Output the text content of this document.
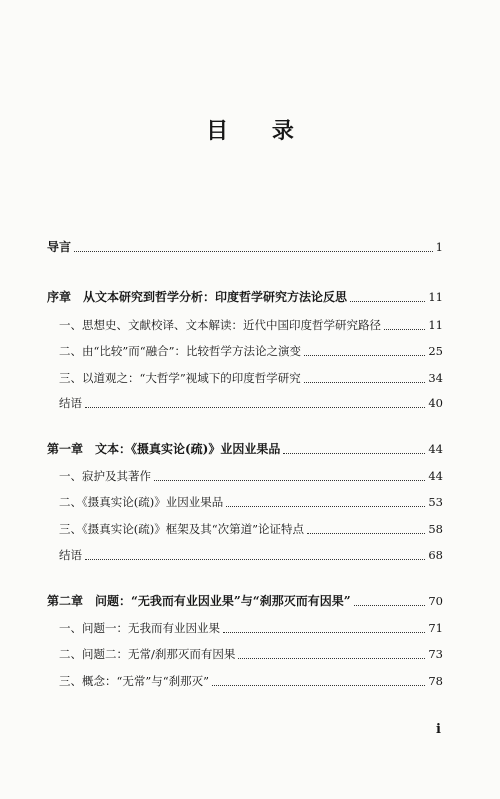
目 录
导言	1
序章　从文本研究到哲学分析：印度哲学研究方法论反思	11
一、思想史、文献校译、文本解读：近代中国印度哲学研究路径	11
二、由“比较”而“融合”：比较哲学方法论之演变	25
三、以道观之：“大哲学”视域下的印度哲学研究	34
结语	40
第一章　文本：《摄真实论(疏)》业因业果品	44
一、寂护及其著作	44
二、《摄真实论(疏)》业因业果品	53
三、《摄真实论(疏)》框架及其“次第道”论证特点	58
结语	68
第二章　问题：“无我而有业因业果”与“刹那灭而有因果”	70
一、问题一：无我而有业因业果	71
二、问题二：无常/刹那灭而有因果	73
三、概念：“无常”与“刹那灭”	78
i
